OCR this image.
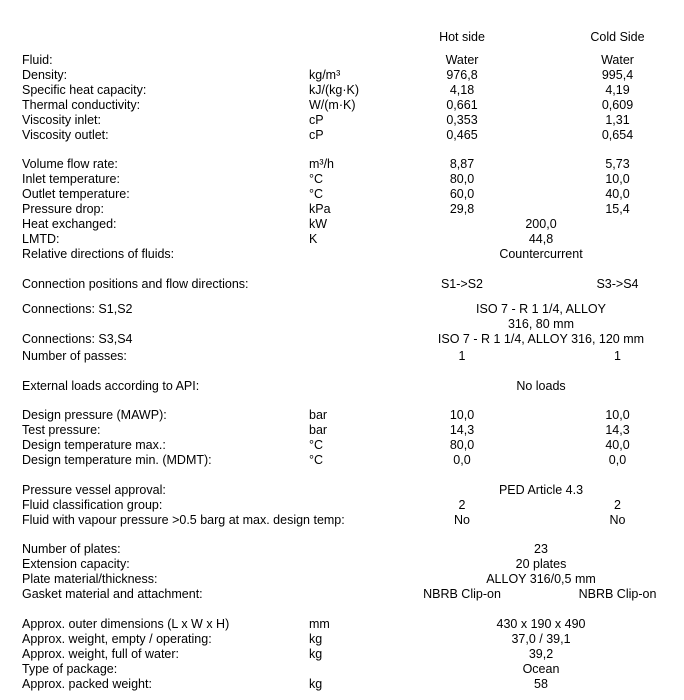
Hot side	Cold Side
Fluid:	Water	Water
Density:	kg/m³	976,8	995,4
Specific heat capacity:	kJ/(kg·K)	4,18	4,19
Thermal conductivity:	W/(m·K)	0,661	0,609
Viscosity inlet:	cP	0,353	1,31
Viscosity outlet:	cP	0,465	0,654
Volume flow rate:	m³/h	8,87	5,73
Inlet temperature:	°C	80,0	10,0
Outlet temperature:	°C	60,0	40,0
Pressure drop:	kPa	29,8	15,4
Heat exchanged:	kW	200,0
LMTD:	K	44,8
Relative directions of fluids:	Countercurrent
Connection positions and flow directions:	S1->S2	S3->S4
Connections: S1,S2	ISO 7 - R 1 1/4, ALLOY
316, 80 mm
Connections: S3,S4	ISO 7 - R 1 1/4, ALLOY 316, 120 mm
Number of passes:	1	1
External loads according to API:	No loads
Design pressure (MAWP):	bar	10,0	10,0
Test pressure:	bar	14,3	14,3
Design temperature max.:	°C	80,0	40,0
Design temperature min. (MDMT):	°C	0,0	0,0
Pressure vessel approval:	PED Article 4.3
Fluid classification group:	2	2
Fluid with vapour pressure >0.5 barg at max. design temp:	No	No
Number of plates:	23
Extension capacity:	20 plates
Plate material/thickness:	ALLOY 316/0,5 mm
Gasket material and attachment:	NBRB Clip-on	NBRB Clip-on
Approx. outer dimensions (L x W x H)	mm	430 x 190 x 490
Approx. weight, empty / operating:	kg	37,0 / 39,1
Approx. weight, full of water:	kg	39,2
Type of package:	Ocean
Approx. packed weight:	kg	58
